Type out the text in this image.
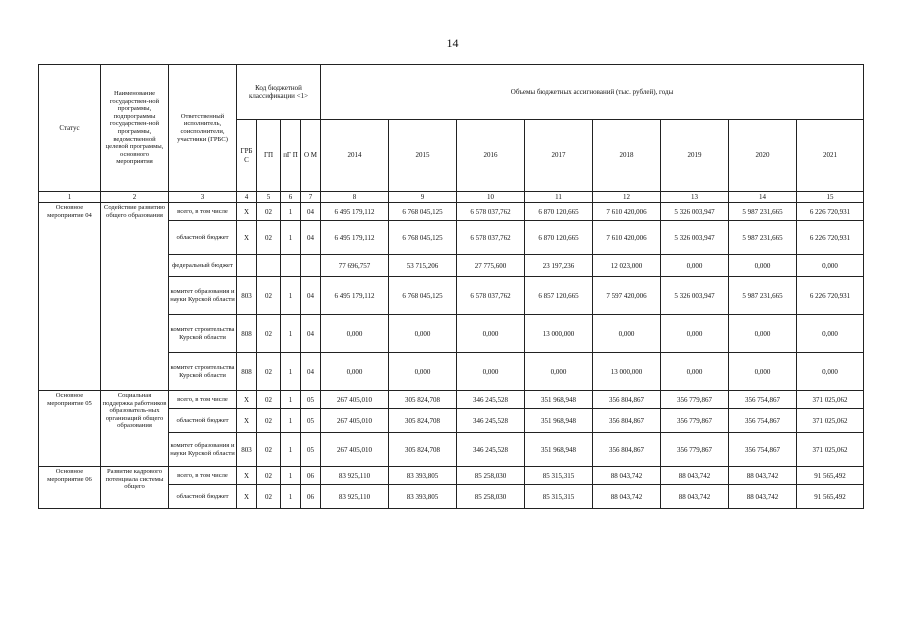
14
Статус	Наименование государствен-ной программы, подпрограммы государствен-ной программы, ведомственной целевой программы, основного мероприятия	Ответственный исполнитель, соисполнители, участники (ГРБС)	Код бюджетной классификации <1>				Объемы бюджетных ассигнований (тыс. рублей), годы							
			ГРБ С	ГП	пГ П	О М	2014	2015	2016	2017	2018	2019	2020	2021
1	2	3	4	5	6	7	8	9	10	11	12	13	14	15
Основное мероприятие 04	Содействие развитию общего образования	всего, в том числе	X	02	1	04	6 495 179,112	6 768 045,125	6 578 037,762	6 870 120,665	7 610 420,006	5 326 003,947	5 987 231,665	6 226 720,931
		областной бюджет	X	02	1	04	6 495 179,112	6 768 045,125	6 578 037,762	6 870 120,665	7 610 420,006	5 326 003,947	5 987 231,665	6 226 720,931
		федеральный бюджет					77 696,757	53 715,206	27 775,600	23 197,236	12 023,000	0,000	0,000	0,000
		комитет образования и науки Курской области	803	02	1	04	6 495 179,112	6 768 045,125	6 578 037,762	6 857 120,665	7 597 420,006	5 326 003,947	5 987 231,665	6 226 720,931
		комитет строительства Курской области	808	02	1	04	0,000	0,000	0,000	13 000,000	0,000	0,000	0,000	0,000
		комитет строительства Курской области	808	02	1	04	0,000	0,000	0,000	0,000	13 000,000	0,000	0,000	0,000
Основное мероприятие 05	Социальная поддержка работников образователь-ных организаций общего образования	всего, в том числе	X	02	1	05	267 405,010	305 824,708	346 245,528	351 968,948	356 804,867	356 779,867	356 754,867	371 025,062
		областной бюджет	X	02	1	05	267 405,010	305 824,708	346 245,528	351 968,948	356 804,867	356 779,867	356 754,867	371 025,062
		комитет образования и науки Курской области	803	02	1	05	267 405,010	305 824,708	346 245,528	351 968,948	356 804,867	356 779,867	356 754,867	371 025,062
Основное мероприятие 06	Развитие кадрового потенциала системы общего	всего, в том числе	X	02	1	06	83 925,110	83 393,805	85 258,030	85 315,315	88 043,742	88 043,742	88 043,742	91 565,492
		областной бюджет	X	02	1	06	83 925,110	83 393,805	85 258,030	85 315,315	88 043,742	88 043,742	88 043,742	91 565,492
